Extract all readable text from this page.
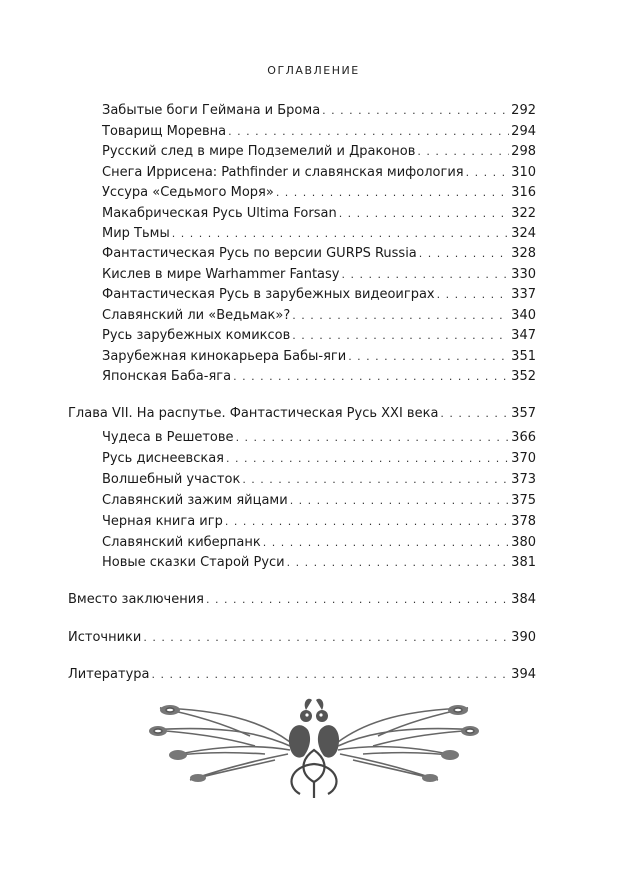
ОГЛАВЛЕНИЕ
Забытые боги Геймана и Брома . . .	292
Товарищ Моревна . . .	294
Русский след в мире Подземелий и Драконов . . .	298
Снега Иррисена: Pathfinder и славянская мифология . . .	310
Уссура «Седьмого Моря» . . .	316
Макабрическая Русь Ultima Forsan . . .	322
Мир Тьмы . . .	324
Фантастическая Русь по версии GURPS Russia . . .	328
Кислев в мире Warhammer Fantasy . . .	330
Фантастическая Русь в зарубежных видеоиграх . . .	337
Славянский ли «Ведьмак»? . . .	340
Русь зарубежных комиксов . . .	347
Зарубежная кинокарьера Бабы-яги . . .	351
Японская Баба-яга . . .	352
Глава VII. На распутье. Фантастическая Русь XXI века . . .	357
Чудеса в Решетове . . .	366
Русь диснеевская . . .	370
Волшебный участок . . .	373
Славянский зажим яйцами . . .	375
Черная книга игр . . .	378
Славянский киберпанк . . .	380
Новые сказки Старой Руси . . .	381
Вместо заключения . . .	384
Источники . . .	390
Литература . . .	394
